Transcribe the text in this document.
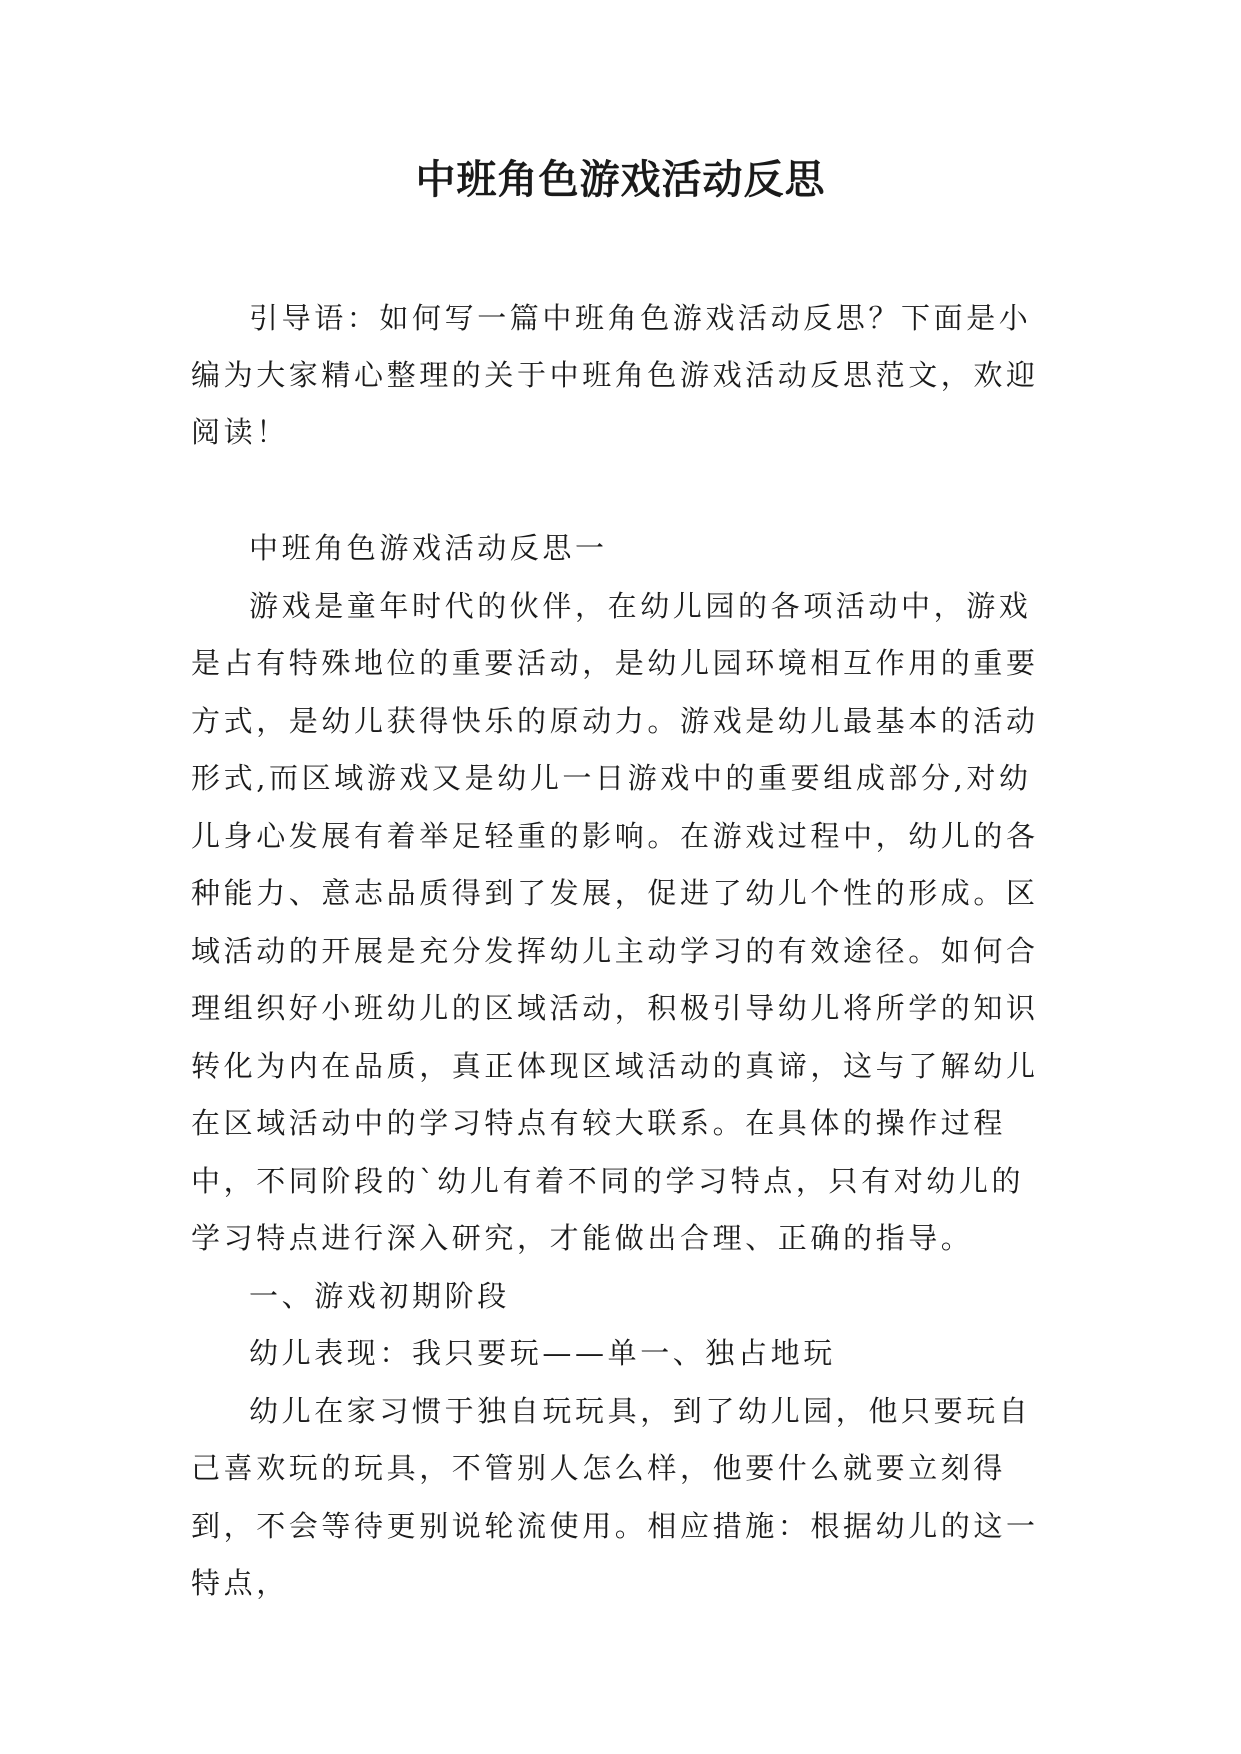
中班角色游戏活动反思

引导语：如何写一篇中班角色游戏活动反思？下面是小编为大家精心整理的关于中班角色游戏活动反思范文，欢迎阅读！

中班角色游戏活动反思一

游戏是童年时代的伙伴，在幼儿园的各项活动中，游戏是占有特殊地位的重要活动，是幼儿园环境相互作用的重要方式，是幼儿获得快乐的原动力。游戏是幼儿最基本的活动形式,而区域游戏又是幼儿一日游戏中的重要组成部分,对幼儿身心发展有着举足轻重的影响。在游戏过程中，幼儿的各种能力、意志品质得到了发展，促进了幼儿个性的形成。区域活动的开展是充分发挥幼儿主动学习的有效途径。如何合理组织好小班幼儿的区域活动，积极引导幼儿将所学的知识转化为内在品质，真正体现区域活动的真谛，这与了解幼儿在区域活动中的学习特点有较大联系。在具体的操作过程中，不同阶段的`幼儿有着不同的学习特点，只有对幼儿的学习特点进行深入研究，才能做出合理、正确的指导。

一、游戏初期阶段

幼儿表现：我只要玩——单一、独占地玩

幼儿在家习惯于独自玩玩具，到了幼儿园，他只要玩自己喜欢玩的玩具，不管别人怎么样，他要什么就要立刻得到，不会等待更别说轮流使用。相应措施：根据幼儿的这一特点，
